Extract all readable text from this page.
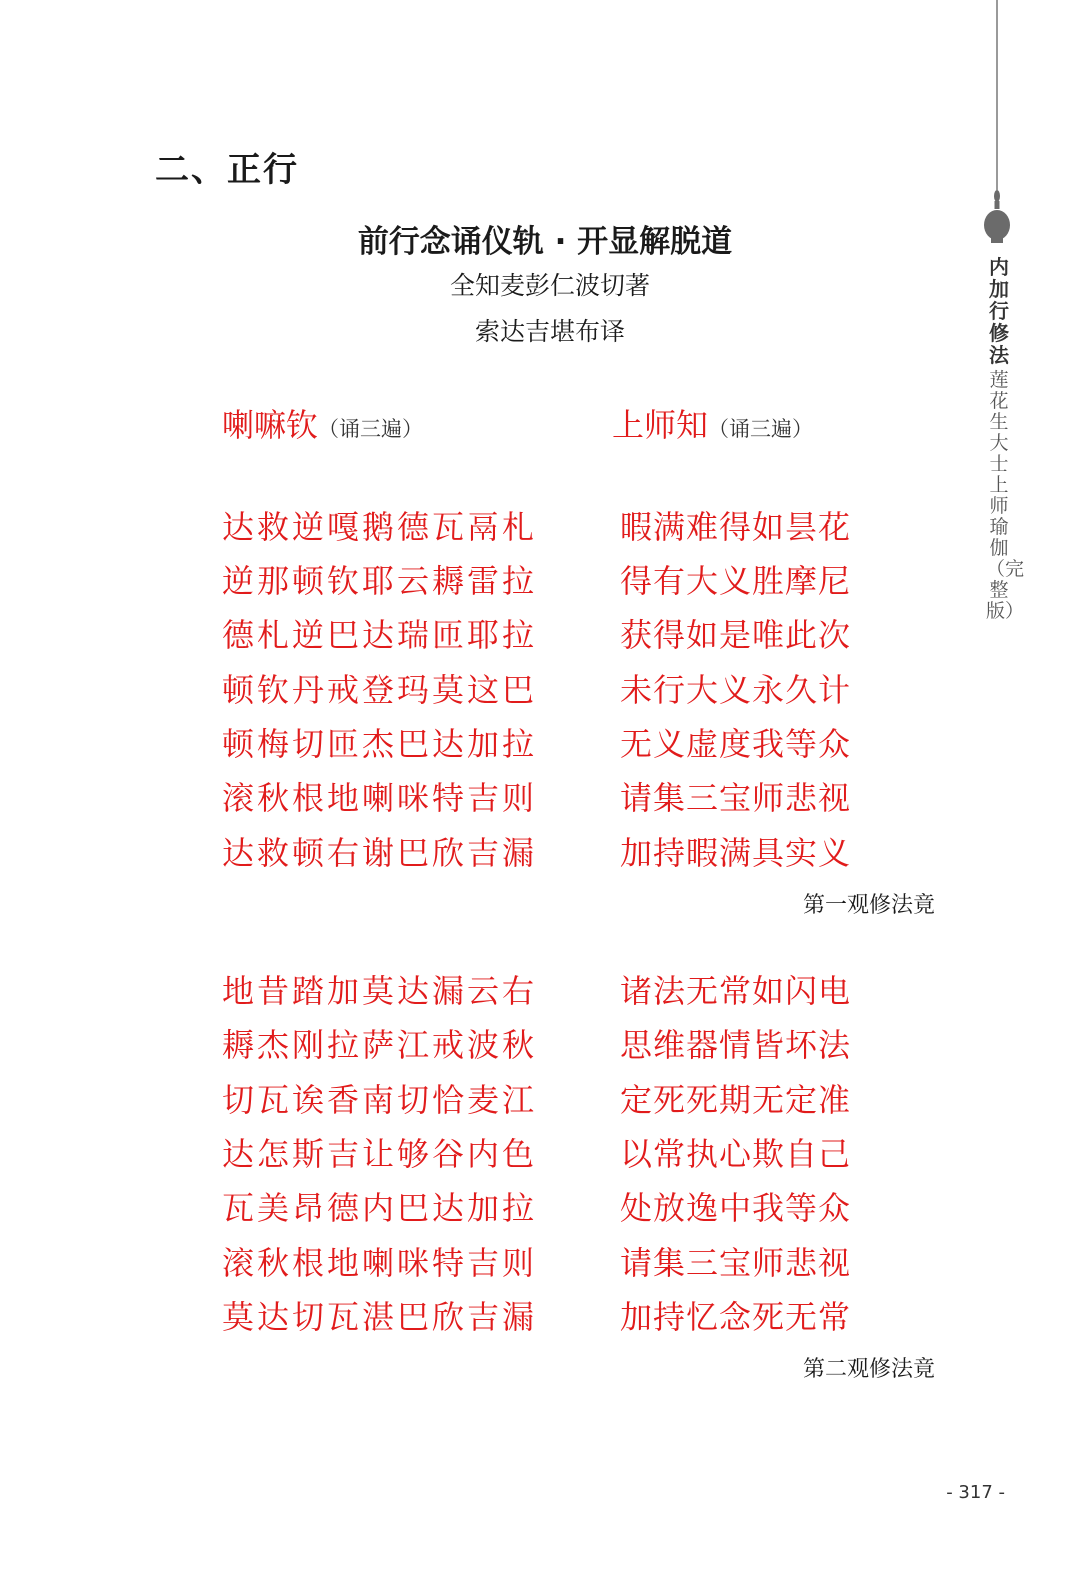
二、正行
前行念诵仪轨 · 开显解脱道
全知麦彭仁波切著
索达吉堪布译
喇嘛钦（诵三遍）	上师知（诵三遍）
达救逆嘎鹅德瓦鬲札
逆那顿钦耶云耨雷拉
德札逆巴达瑞匝耶拉
顿钦丹戒登玛莫这巴
顿梅切匝杰巴达加拉
滚秋根地喇咪特吉则
达救顿右谢巴欣吉漏
暇满难得如昙花
得有大义胜摩尼
获得如是唯此次
未行大义永久计
无义虚度我等众
请集三宝师悲视
加持暇满具实义
第一观修法竟
地昔踏加莫达漏云右
耨杰刚拉萨江戒波秋
切瓦诶香南切恰麦江
达怎斯吉让够谷内色
瓦美昂德内巴达加拉
滚秋根地喇咪特吉则
莫达切瓦湛巴欣吉漏
诸法无常如闪电
思维器情皆坏法
定死死期无定准
以常执心欺自己
处放逸中我等众
请集三宝师悲视
加持忆念死无常
第二观修法竟
- 317 -
内加行修法
莲花生大士上师瑜伽（完整版）
